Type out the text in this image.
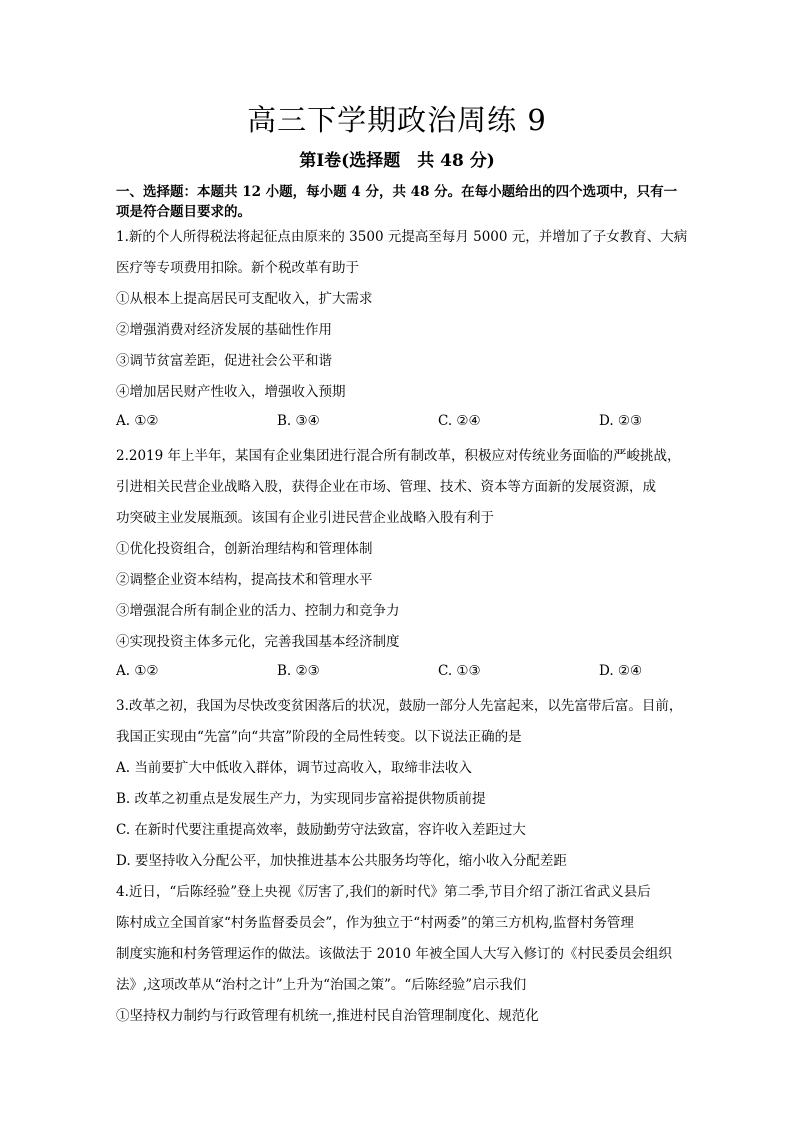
高三下学期政治周练 9
第Ⅰ卷(选择题　共 48 分)
一、选择题：本题共 12 小题，每小题 4 分，共 48 分。在每小题给出的四个选项中，只有一
项是符合题目要求的。
1.新的个人所得税法将起征点由原来的 3500 元提高至每月 5000 元，并增加了子女教育、大病
医疗等专项费用扣除。新个税改革有助于
①从根本上提高居民可支配收入，扩大需求
②增强消费对经济发展的基础性作用
③调节贫富差距，促进社会公平和谐
④增加居民财产性收入，增强收入预期
A. ①②	B. ③④	C. ②④	D. ②③
2.2019 年上半年，某国有企业集团进行混合所有制改革，积极应对传统业务面临的严峻挑战，
引进相关民营企业战略入股，获得企业在市场、管理、技术、资本等方面新的发展资源，成
功突破主业发展瓶颈。该国有企业引进民营企业战略入股有利于
①优化投资组合，创新治理结构和管理体制
②调整企业资本结构，提高技术和管理水平
③增强混合所有制企业的活力、控制力和竞争力
④实现投资主体多元化，完善我国基本经济制度
A. ①②	B. ②③	C. ①③	D. ②④
3.改革之初，我国为尽快改变贫困落后的状况，鼓励一部分人先富起来，以先富带后富。目前，
我国正实现由“先富”向“共富”阶段的全局性转变。以下说法正确的是
A. 当前要扩大中低收入群体，调节过高收入，取缔非法收入
B. 改革之初重点是发展生产力，为实现同步富裕提供物质前提
C. 在新时代要注重提高效率，鼓励勤劳守法致富，容许收入差距过大
D. 要坚持收入分配公平，加快推进基本公共服务均等化，缩小收入分配差距
4.近日，“后陈经验”登上央视《厉害了,我们的新时代》第二季,节目介绍了浙江省武义县后
陈村成立全国首家“村务监督委员会”，作为独立于“村两委”的第三方机构,监督村务管理
制度实施和村务管理运作的做法。该做法于 2010 年被全国人大写入修订的《村民委员会组织
法》,这项改革从“治村之计”上升为“治国之策”。“后陈经验”启示我们
①坚持权力制约与行政管理有机统一,推进村民自治管理制度化、规范化
